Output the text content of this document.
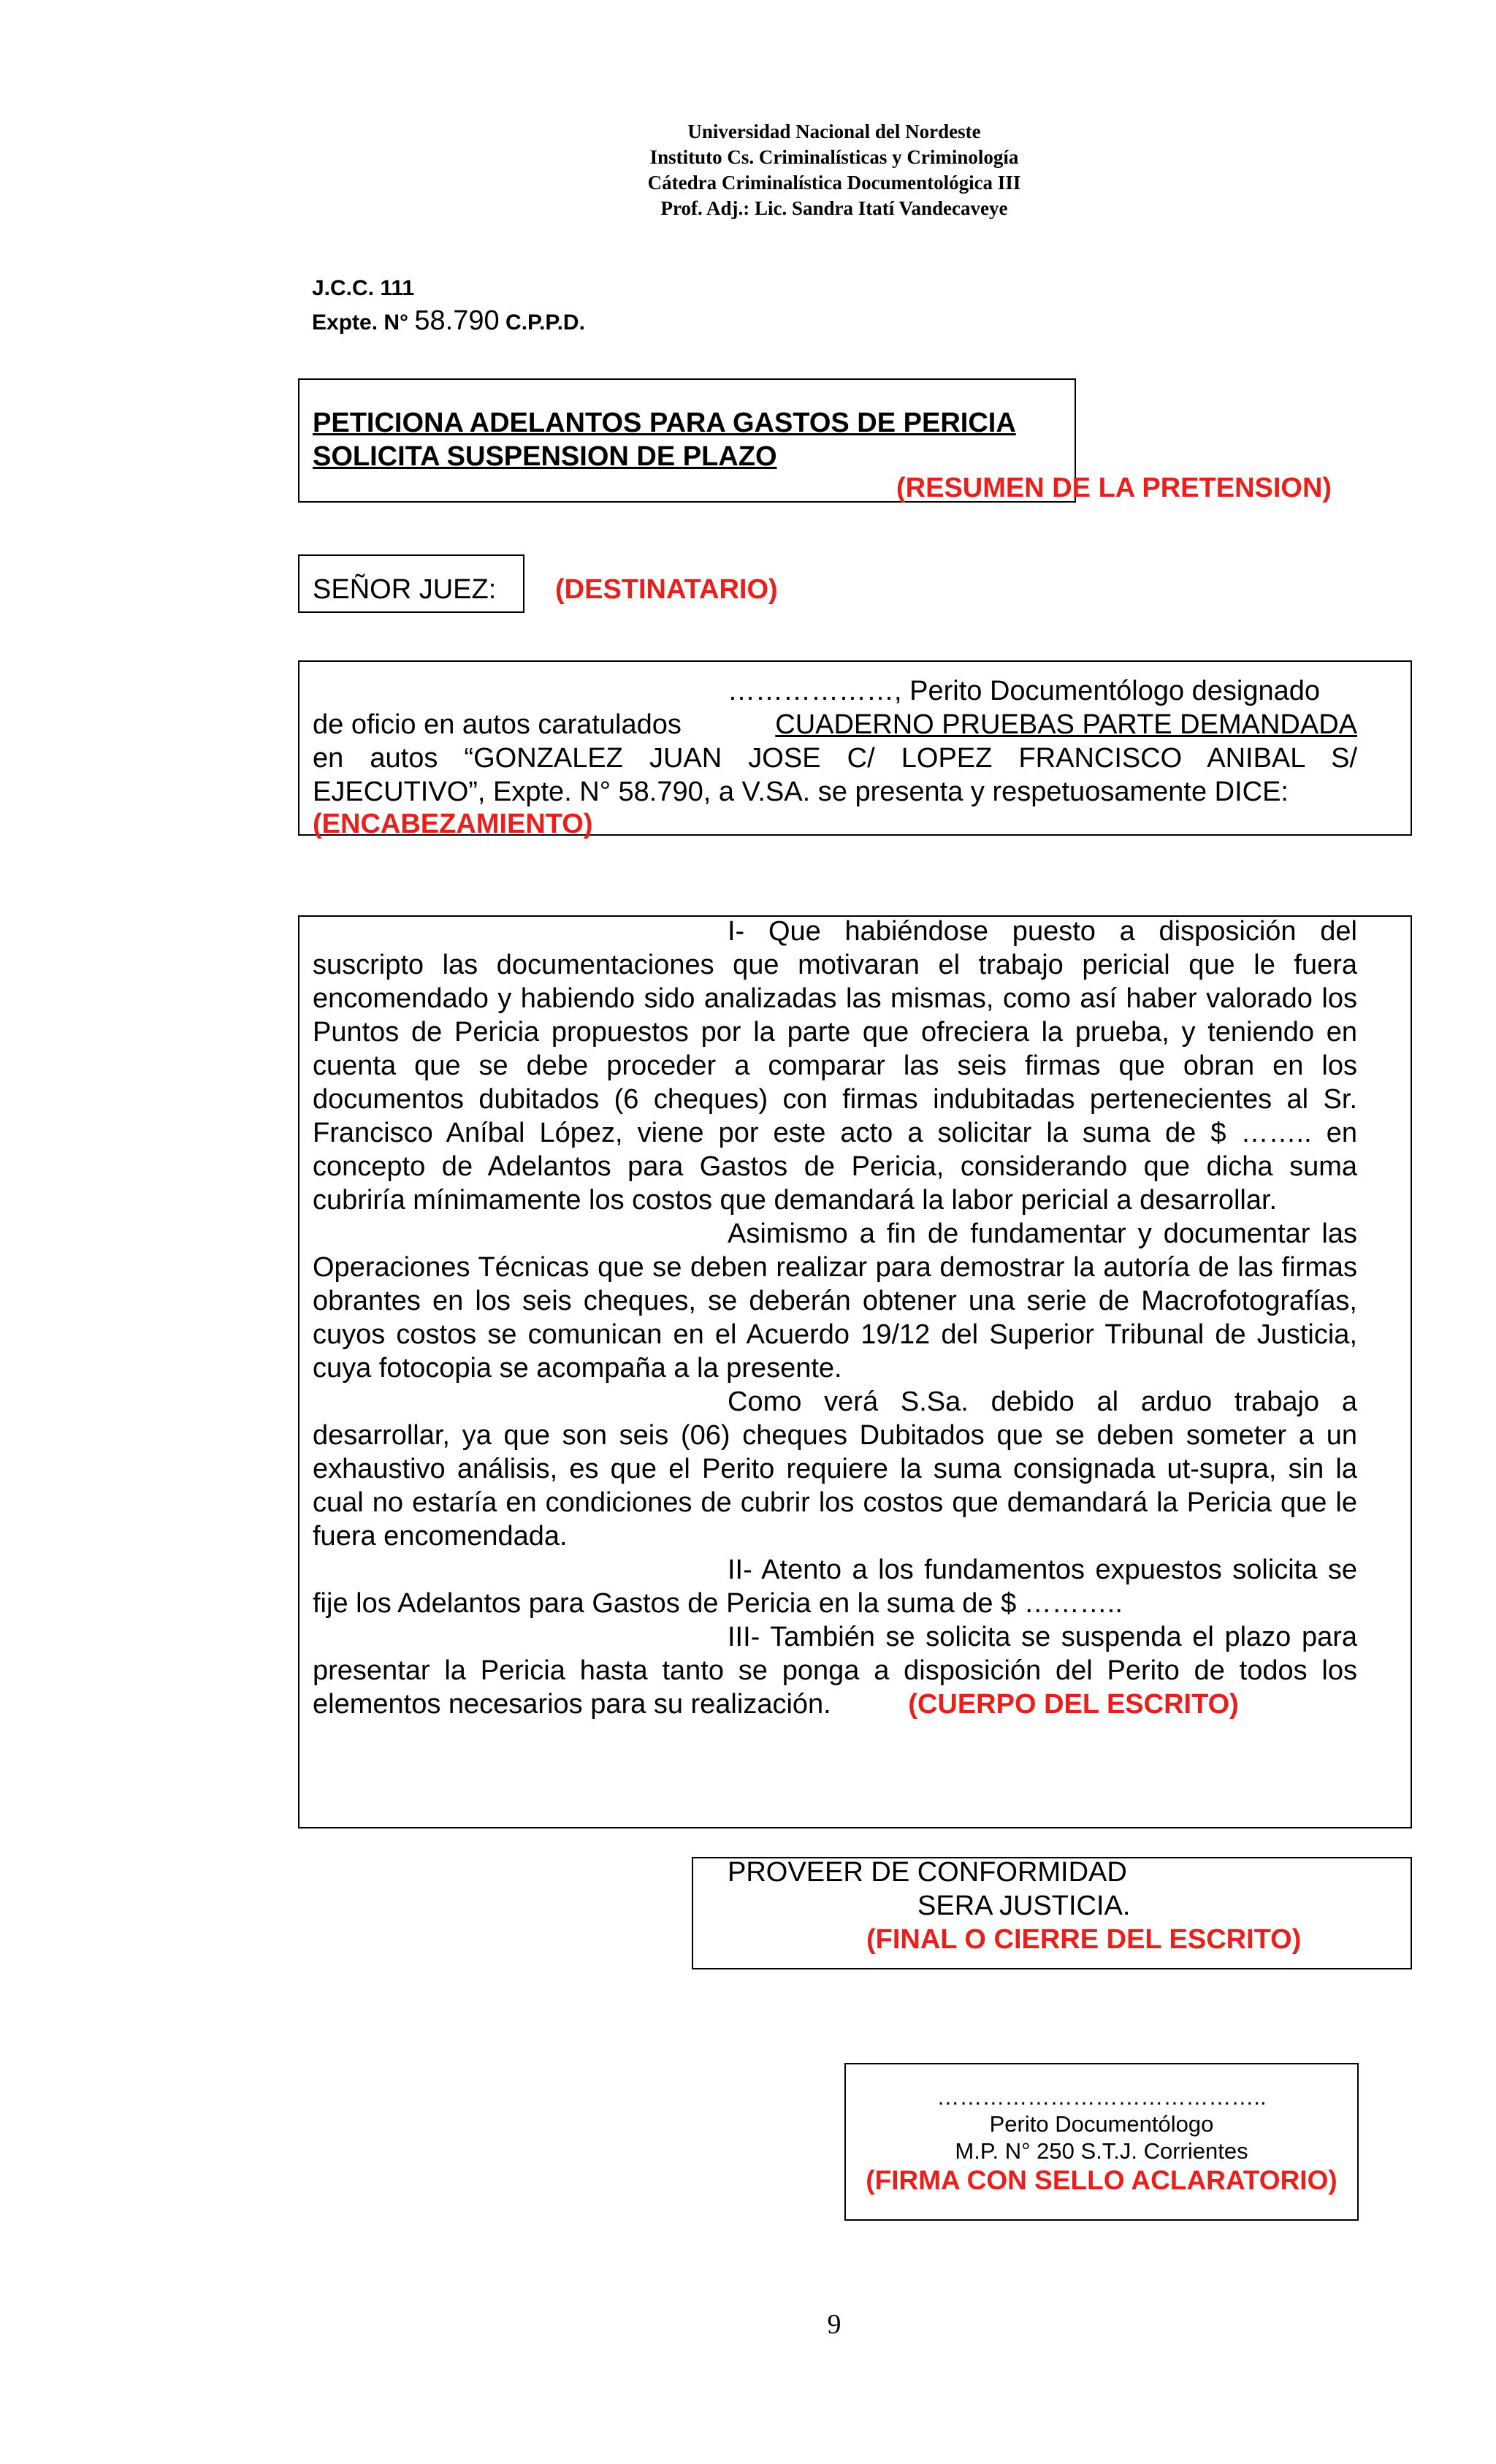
Universidad Nacional del Nordeste
Instituto Cs. Criminalísticas y Criminología
Cátedra Criminalística Documentológica III
Prof. Adj.: Lic. Sandra Itatí Vandecaveye
J.C.C. 111
Expte. N° 58.790 C.P.P.D.
PETICIONA ADELANTOS PARA GASTOS DE PERICIA
SOLICITA SUSPENSION DE PLAZO
(RESUMEN DE LA PRETENSION)
SEÑOR JUEZ: (DESTINATARIO)
………………, Perito Documentólogo designado
de oficio en autos caratulados	CUADERNO PRUEBAS PARTE DEMANDADA
en autos “GONZALEZ JUAN JOSE C/ LOPEZ FRANCISCO ANIBAL S/
EJECUTIVO”, Expte. N° 58.790, a V.SA. se presenta y respetuosamente DICE:
(ENCABEZAMIENTO)

I- Que habiéndose puesto a disposición del suscripto las documentaciones que motivaran el trabajo pericial que le fuera encomendado y habiendo sido analizadas las mismas, como así haber valorado los Puntos de Pericia propuestos por la parte que ofreciera la prueba, y teniendo en cuenta que se debe proceder a comparar las seis firmas que obran en los documentos dubitados (6 cheques) con firmas indubitadas pertenecientes al Sr. Francisco Aníbal López, viene por este acto a solicitar la suma de $ …….. en concepto de Adelantos para Gastos de Pericia, considerando que dicha suma cubriría mínimamente los costos que demandará la labor pericial a desarrollar.

Asimismo a fin de fundamentar y documentar las Operaciones Técnicas que se deben realizar para demostrar la autoría de las firmas obrantes en los seis cheques, se deberán obtener una serie de Macrofotografías, cuyos costos se comunican en el Acuerdo 19/12 del Superior Tribunal de Justicia, cuya fotocopia se acompaña a la presente.

Como verá S.Sa. debido al arduo trabajo a desarrollar, ya que son seis (06) cheques Dubitados que se deben someter a un exhaustivo análisis, es que el Perito requiere la suma consignada ut-supra, sin la cual no estaría en condiciones de cubrir los costos que demandará la Pericia que le fuera encomendada.

II- Atento a los fundamentos expuestos solicita se fije los Adelantos para Gastos de Pericia en la suma de $ ………..

III- También se solicita se suspenda el plazo para presentar la Pericia hasta tanto se ponga a disposición del Perito de todos los elementos necesarios para su realización.	(CUERPO DEL ESCRITO)

PROVEER DE CONFORMIDAD
SERA JUSTICIA.
(FINAL O CIERRE DEL ESCRITO)
……………………………………..
Perito Documentólogo
M.P. N° 250 S.T.J. Corrientes
(FIRMA CON SELLO ACLARATORIO)
9
